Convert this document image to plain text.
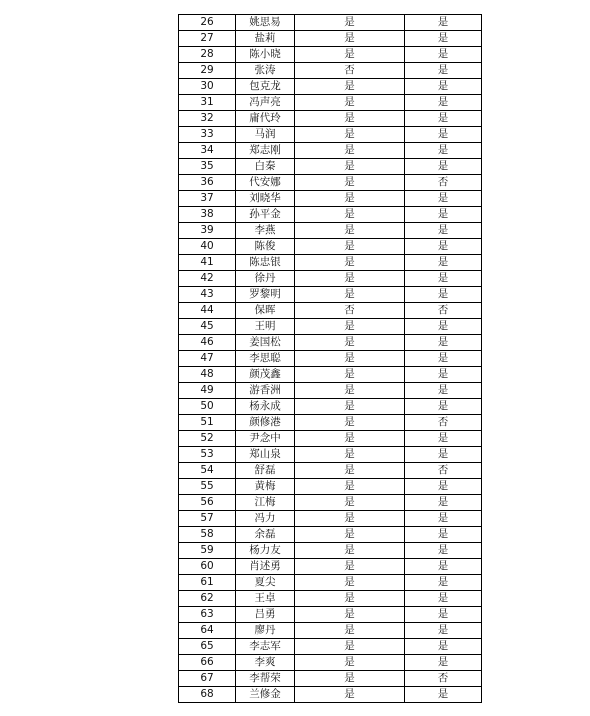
26	姚思易	是	是
27	盐莉	是	是
28	陈小晓	是	是
29	张涛	否	是
30	包克龙	是	是
31	冯声亮	是	是
32	庸代玲	是	是
33	马润	是	是
34	郑志刚	是	是
35	白秦	是	是
36	代安娜	是	否
37	刘晓华	是	是
38	孙平金	是	是
39	李燕	是	是
40	陈俊	是	是
41	陈忠银	是	是
42	徐丹	是	是
43	罗黎明	是	是
44	保晖	否	否
45	王明	是	是
46	姜国松	是	是
47	李思聪	是	是
48	颜茂鑫	是	是
49	游香洲	是	是
50	杨永成	是	是
51	颜修港	是	否
52	尹念中	是	是
53	郑山泉	是	是
54	舒磊	是	否
55	黄梅	是	是
56	江梅	是	是
57	冯力	是	是
58	余磊	是	是
59	杨力友	是	是
60	肖述勇	是	是
61	夏尖	是	是
62	王卓	是	是
63	吕勇	是	是
64	廖丹	是	是
65	李志军	是	是
66	李爽	是	是
67	李帮荣	是	否
68	兰修金	是	是
